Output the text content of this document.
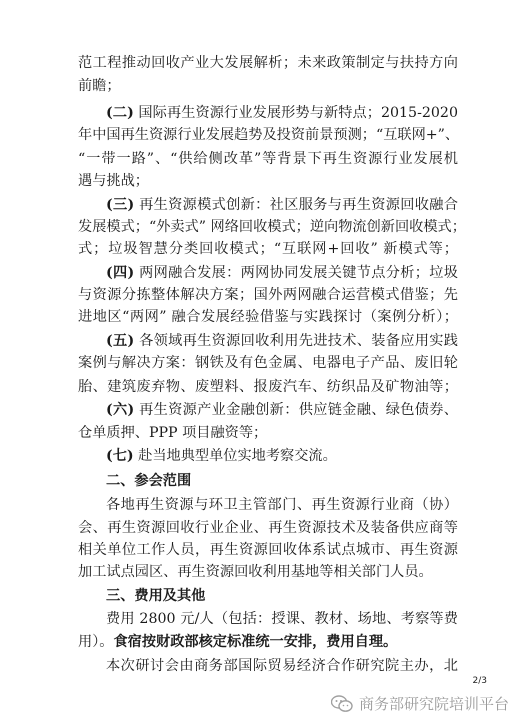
范工程推动回收产业大发展解析；未来政策制定与扶持方向
前瞻；
(二) 国际再生资源行业发展形势与新特点；2015-2020
年中国再生资源行业发展趋势及投资前景预测；“互联网+”、
“一带一路”、“供给侧改革”等背景下再生资源行业发展机
遇与挑战；
(三) 再生资源模式创新：社区服务与再生资源回收融合
发展模式；“外卖式” 网络回收模式；逆向物流创新回收模式；
式；垃圾智慧分类回收模式；“互联网+回收” 新模式等；
(四) 两网融合发展：两网协同发展关键节点分析；垃圾
与资源分拣整体解决方案；国外两网融合运营模式借鉴；先
进地区“两网” 融合发展经验借鉴与实践探讨（案例分析）；
(五) 各领域再生资源回收利用先进技术、装备应用实践
案例与解决方案：钢铁及有色金属、电器电子产品、废旧轮
胎、建筑废弃物、废塑料、报废汽车、纺织品及矿物油等；
(六) 再生资源产业金融创新：供应链金融、绿色债券、
仓单质押、PPP 项目融资等；
(七) 赴当地典型单位实地考察交流。
二、参会范围
各地再生资源与环卫主管部门、再生资源行业商（协）
会、再生资源回收行业企业、再生资源技术及装备供应商等
相关单位工作人员，再生资源回收体系试点城市、再生资源
加工试点园区、再生资源回收利用基地等相关部门人员。
三、费用及其他
费用 2800 元/人（包括：授课、教材、场地、考察等费
用）。食宿按财政部核定标准统一安排，费用自理。
本次研讨会由商务部国际贸易经济合作研究院主办，北
2/3
商务部研究院培训平台
